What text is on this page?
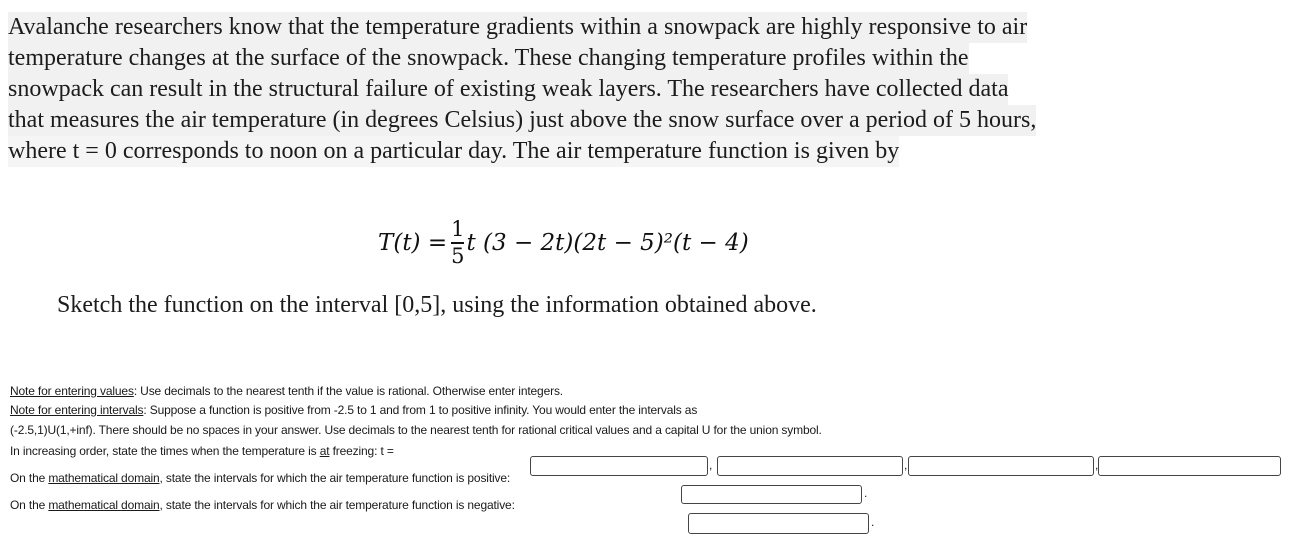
Avalanche researchers know that the temperature gradients within a snowpack are highly responsive to air
temperature changes at the surface of the snowpack. These changing temperature profiles within the
snowpack can result in the structural failure of existing weak layers. The researchers have collected data
that measures the air temperature (in degrees Celsius) just above the snow surface over a period of 5 hours,
where t = 0 corresponds to noon on a particular day. The air temperature function is given by
$T(t) = \frac{1}{5}$ t (3 − 2t)(2t − 5)²(t − 4)
Sketch the function on the interval [0,5], using the information obtained above.
Note for entering values: Use decimals to the nearest tenth if the value is rational. Otherwise enter integers.
Note for entering intervals: Suppose a function is positive from -2.5 to 1 and from 1 to positive infinity. You would enter the intervals as
(-2.5,1)U(1,+inf). There should be no spaces in your answer. Use decimals to the nearest tenth for rational critical values and a capital U for the union symbol.
In increasing order, state the times when the temperature is at freezing: t =
On the mathematical domain, state the intervals for which the air temperature function is positive:
On the mathematical domain, state the intervals for which the air temperature function is negative:
,	,	,
.
.
